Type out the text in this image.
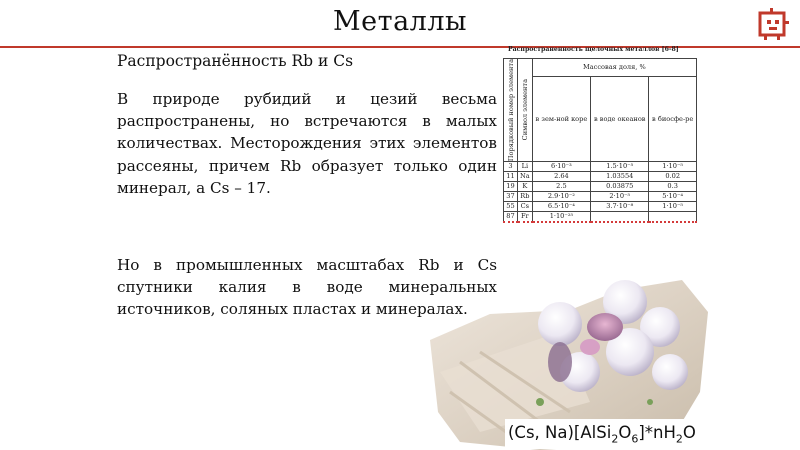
Металлы
Распространённость Rb и Cs
В природе рубидий и цезий весьма распространены, но встречаются в малых количествах. Месторождения этих элементов рассеяны, причем Rb образует только один минерал, а Cs – 17.
Но в промышленных масштабах Rb и Cs спутники калия в воде минеральных источников, соляных пластах и минералах.
Распространенность щелочных металлов [6-8]
Порядковый номер элемента	Символ элемента	Массовая доля, %		
		в зем-ной коре	в воде океанов	в биосфе-ре
3	Li	6·10⁻³	1.5·10⁻⁵	1·10⁻⁵
11	Na	2.64	1.03554	0.02
19	K	2.5	0.03875	0.3
37	Rb	2.9·10⁻²	2·10⁻⁵	5·10⁻⁴
55	Cs	6.5·10⁻⁴	3.7·10⁻⁸	1·10⁻⁵
87	Fr	1·10⁻²⁵		
(Cs, $Na)[AlSi_2O_6]*nH_2O$
